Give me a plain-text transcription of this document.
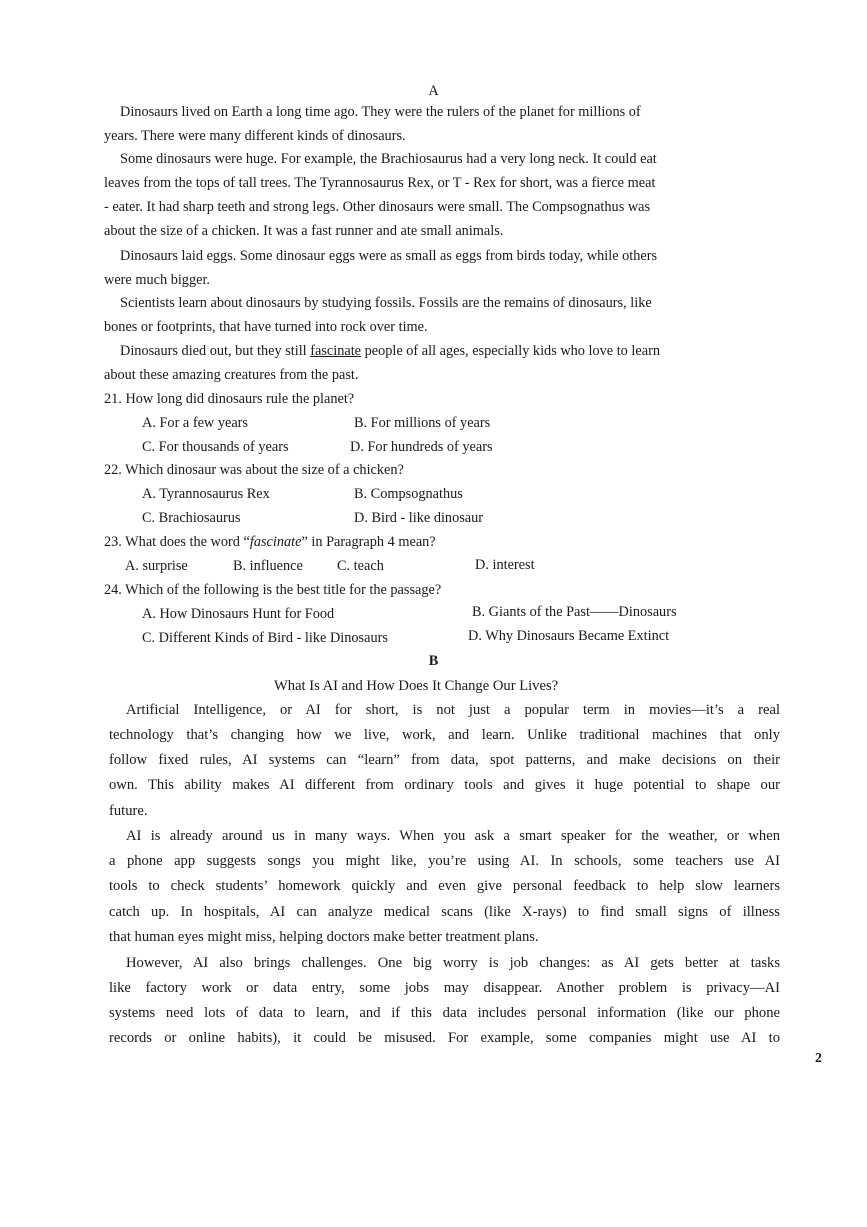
A
Dinosaurs lived on Earth a long time ago. They were the rulers of the planet for millions of
years. There were many different kinds of dinosaurs.
Some dinosaurs were huge. For example, the Brachiosaurus had a very long neck. It could eat
leaves from the tops of tall trees. The Tyrannosaurus Rex, or T - Rex for short, was a fierce meat
- eater. It had sharp teeth and strong legs. Other dinosaurs were small. The Compsognathus was
about the size of a chicken. It was a fast runner and ate small animals.
Dinosaurs laid eggs. Some dinosaur eggs were as small as eggs from birds today, while others
were much bigger.
Scientists learn about dinosaurs by studying fossils. Fossils are the remains of dinosaurs, like
bones or footprints, that have turned into rock over time.
Dinosaurs died out, but they still fascinate people of all ages, especially kids who love to learn
about these amazing creatures from the past.
21. How long did dinosaurs rule the planet?
A. For a few years	B. For millions of years
C. For thousands of years	D. For hundreds of years
22. Which dinosaur was about the size of a chicken?
A. Tyrannosaurus Rex	B. Compsognathus
C. Brachiosaurus	D. Bird - like dinosaur
23. What does the word “fascinate” in Paragraph 4 mean?
A. surprise	B. influence C. teach	D. interest
24. Which of the following is the best title for the passage?
A. How Dinosaurs Hunt for Food	B. Giants of the Past——Dinosaurs
C. Different Kinds of Bird - like Dinosaurs	D. Why Dinosaurs Became Extinct
B
What Is AI and How Does It Change Our Lives?
Artificial Intelligence, or AI for short, is not just a popular term in movies—it’s a real
technology that’s changing how we live, work, and learn. Unlike traditional machines that only
follow fixed rules, AI systems can “learn” from data, spot patterns, and make decisions on their
own. This ability makes AI different from ordinary tools and gives it huge potential to shape our
future.
AI is already around us in many ways. When you ask a smart speaker for the weather, or when
a phone app suggests songs you might like, you’re using AI. In schools, some teachers use AI
tools to check students’ homework quickly and even give personal feedback to help slow learners
catch up. In hospitals, AI can analyze medical scans (like X-rays) to find small signs of illness
that human eyes might miss, helping doctors make better treatment plans.
However, AI also brings challenges. One big worry is job changes: as AI gets better at tasks
like factory work or data entry, some jobs may disappear. Another problem is privacy—AI
systems need lots of data to learn, and if this data includes personal information (like our phone
records or online habits), it could be misused. For example, some companies might use AI to
2
